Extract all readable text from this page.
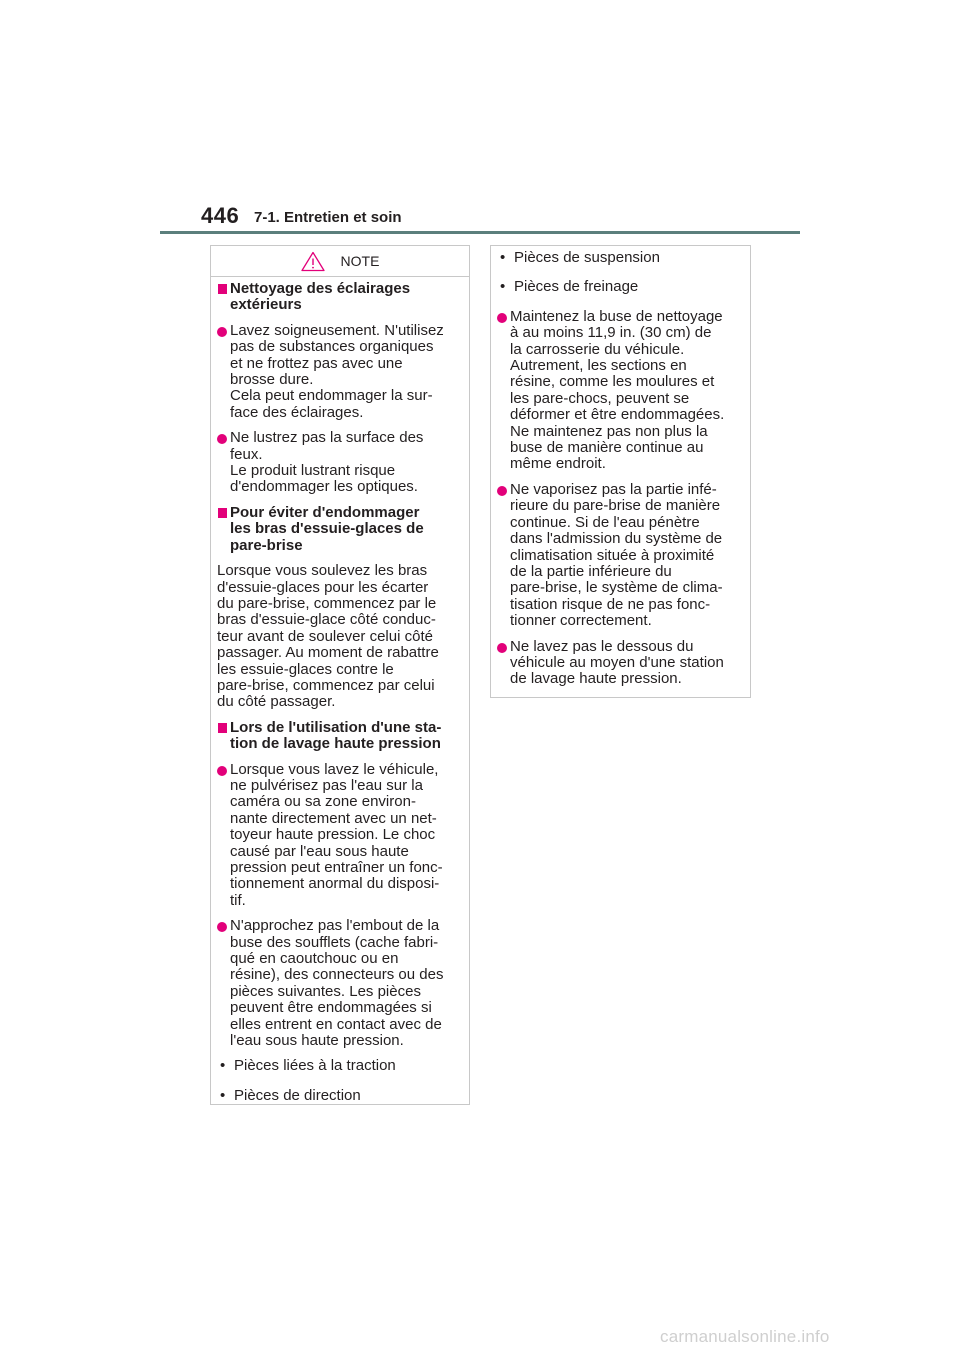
446 7-1. Entretien et soin
NOTE
Nettoyage des éclairages
extérieurs
Lavez soigneusement. N'utilisez
pas de substances organiques
et ne frottez pas avec une
brosse dure.
Cela peut endommager la sur-
face des éclairages.
Ne lustrez pas la surface des
feux.
Le produit lustrant risque
d'endommager les optiques.
Pour éviter d'endommager
les bras d'essuie-glaces de
pare-brise
Lorsque vous soulevez les bras
d'essuie-glaces pour les écarter
du pare-brise, commencez par le
bras d'essuie-glace côté conduc-
teur avant de soulever celui côté
passager. Au moment de rabattre
les essuie-glaces contre le
pare-brise, commencez par celui
du côté passager.
Lors de l'utilisation d'une sta-
tion de lavage haute pression
Lorsque vous lavez le véhicule,
ne pulvérisez pas l'eau sur la
caméra ou sa zone environ-
nante directement avec un net-
toyeur haute pression. Le choc
causé par l'eau sous haute
pression peut entraîner un fonc-
tionnement anormal du disposi-
tif.
N'approchez pas l'embout de la
buse des soufflets (cache fabri-
qué en caoutchouc ou en
résine), des connecteurs ou des
pièces suivantes. Les pièces
peuvent être endommagées si
elles entrent en contact avec de
l'eau sous haute pression.
• Pièces liées à la traction
• Pièces de direction
• Pièces de suspension
• Pièces de freinage
Maintenez la buse de nettoyage
à au moins 11,9 in. (30 cm) de
la carrosserie du véhicule.
Autrement, les sections en
résine, comme les moulures et
les pare-chocs, peuvent se
déformer et être endommagées.
Ne maintenez pas non plus la
buse de manière continue au
même endroit.
Ne vaporisez pas la partie infé-
rieure du pare-brise de manière
continue. Si de l'eau pénètre
dans l'admission du système de
climatisation située à proximité
de la partie inférieure du
pare-brise, le système de clima-
tisation risque de ne pas fonc-
tionner correctement.
Ne lavez pas le dessous du
véhicule au moyen d'une station
de lavage haute pression.
carmanualsonline.info
